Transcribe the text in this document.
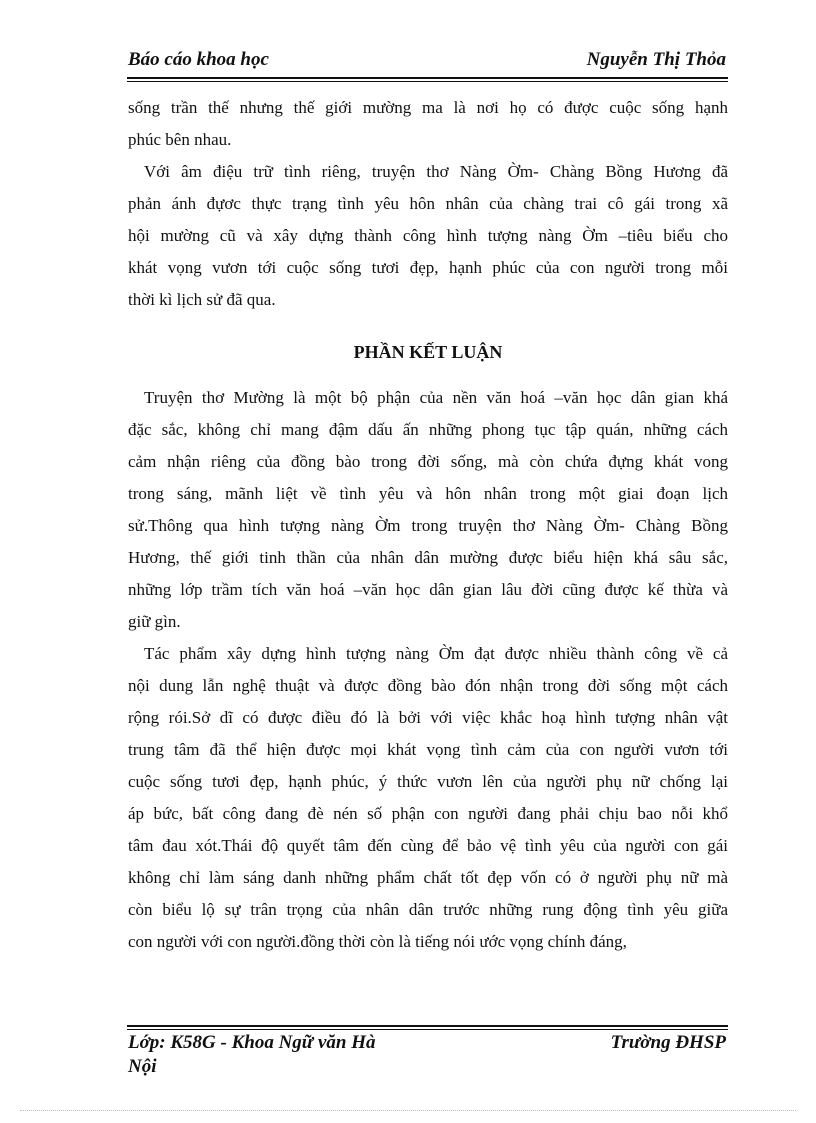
Báo cáo khoa học	Nguyễn Thị Thỏa
sống trần thế nhưng thế giới mường ma là nơi họ có được cuộc sống hạnh
phúc bên nhau.
Với âm điệu trữ tình riêng, truyện thơ Nàng Ờm- Chàng Bồng Hương đã
phản ánh đựơc thực trạng tình yêu hôn nhân của chàng trai cô gái trong xã
hội mường cũ và xây dựng thành công hình tượng nàng Ờm –tiêu biểu cho
khát vọng vươn tới cuộc sống tươi đẹp, hạnh phúc của con người trong mỗi
thời kì lịch sử đã qua.
PHẦN KẾT LUẬN
Truyện thơ Mường là một bộ phận của nền văn hoá –văn học dân gian khá
đặc sắc, không chỉ mang đậm dấu ấn những phong tục tập quán, những cách
cảm nhận riêng của đồng bào trong đời sống, mà còn chứa đựng khát vong
trong sáng, mãnh liệt về tình yêu và hôn nhân trong một giai đoạn lịch
sử.Thông qua hình tượng nàng Ờm trong truyện thơ Nàng Ờm- Chàng Bồng
Hương, thế giới tinh thần của nhân dân mường được biểu hiện khá sâu sắc,
những lớp trầm tích văn hoá –văn học dân gian lâu đời cũng được kế thừa và
giữ gìn.
Tác phẩm xây dựng hình tượng nàng Ờm đạt được nhiều thành công về cả
nội dung lẫn nghệ thuật và được đồng bào đón nhận trong đời sống một cách
rộng rói.Sở dĩ có được điều đó là bởi với việc khắc hoạ hình tượng nhân vật
trung tâm đã thể hiện được mọi khát vọng tình cảm của con người vươn tới
cuộc sống tươi đẹp, hạnh phúc, ý thức vươn lên của người phụ nữ chống lại
áp bức, bất công đang đè nén số phận con người đang phải chịu bao nỗi khổ
tâm đau xót.Thái độ quyết tâm đến cùng để bảo vệ tình yêu của người con gái
không chỉ làm sáng danh những phẩm chất tốt đẹp vốn có ở người phụ nữ mà
còn biểu lộ sự trân trọng của nhân dân trước những rung động tình yêu giữa
con người với con người.đồng thời còn là tiếng nói ước vọng chính đáng,
Lớp: K58G - Khoa Ngữ văn Hà Nội
Trường ĐHSP
